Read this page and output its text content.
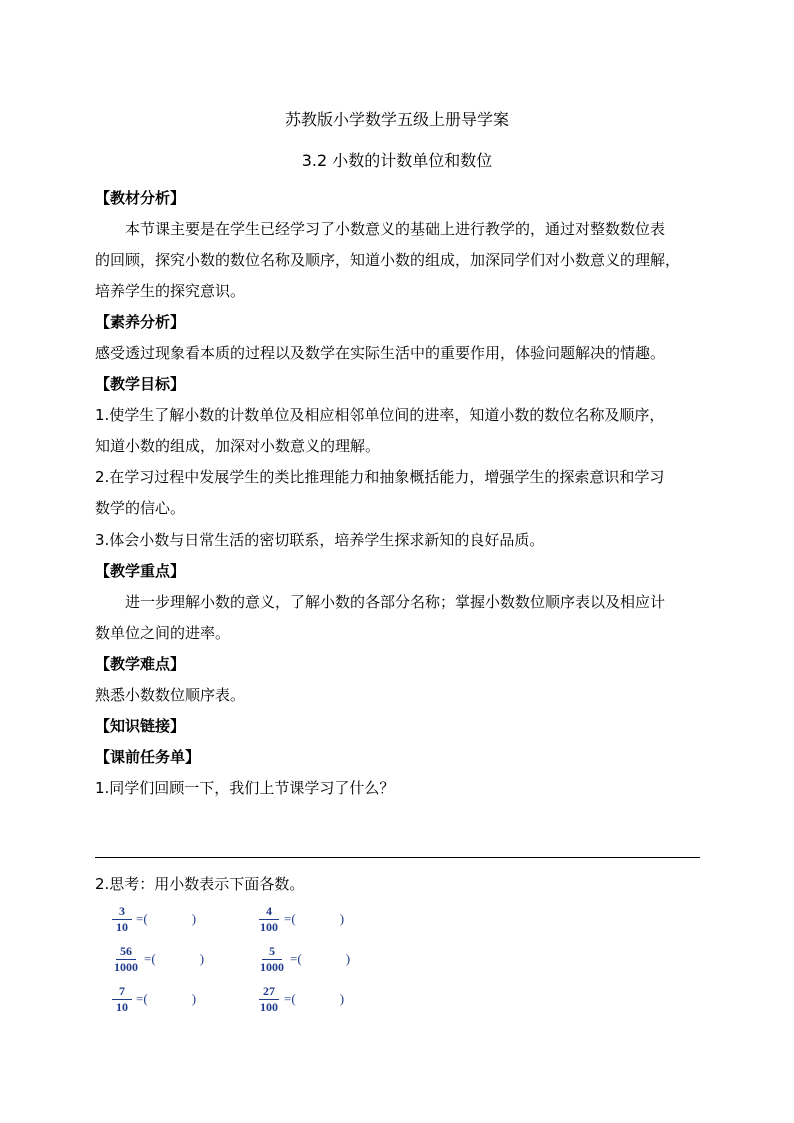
苏教版小学数学五级上册导学案
3.2 小数的计数单位和数位
【教材分析】
本节课主要是在学生已经学习了小数意义的基础上进行教学的，通过对整数数位表
的回顾，探究小数的数位名称及顺序，知道小数的组成，加深同学们对小数意义的理解，
培养学生的探究意识。
【素养分析】
感受透过现象看本质的过程以及数学在实际生活中的重要作用，体验问题解决的情趣。
【教学目标】
1.使学生了解小数的计数单位及相应相邻单位间的进率，知道小数的数位名称及顺序，
知道小数的组成，加深对小数意义的理解。
2.在学习过程中发展学生的类比推理能力和抽象概括能力，增强学生的探索意识和学习
数学的信心。
3.体会小数与日常生活的密切联系，培养学生探求新知的良好品质。
【教学重点】
进一步理解小数的意义，了解小数的各部分名称；掌握小数数位顺序表以及相应计
数单位之间的进率。
【教学难点】
熟悉小数数位顺序表。
【知识链接】
【课前任务单】
1.同学们回顾一下，我们上节课学习了什么？
2.思考：用小数表示下面各数。
$\frac{3}{10}$ = (	)	$\frac{4}{100}$ = (	)
$\frac{56}{1000}$ = (	)	$\frac{5}{1000}$ = (	)
$\frac{7}{10}$ = (	)	$\frac{27}{100}$ = (	)
